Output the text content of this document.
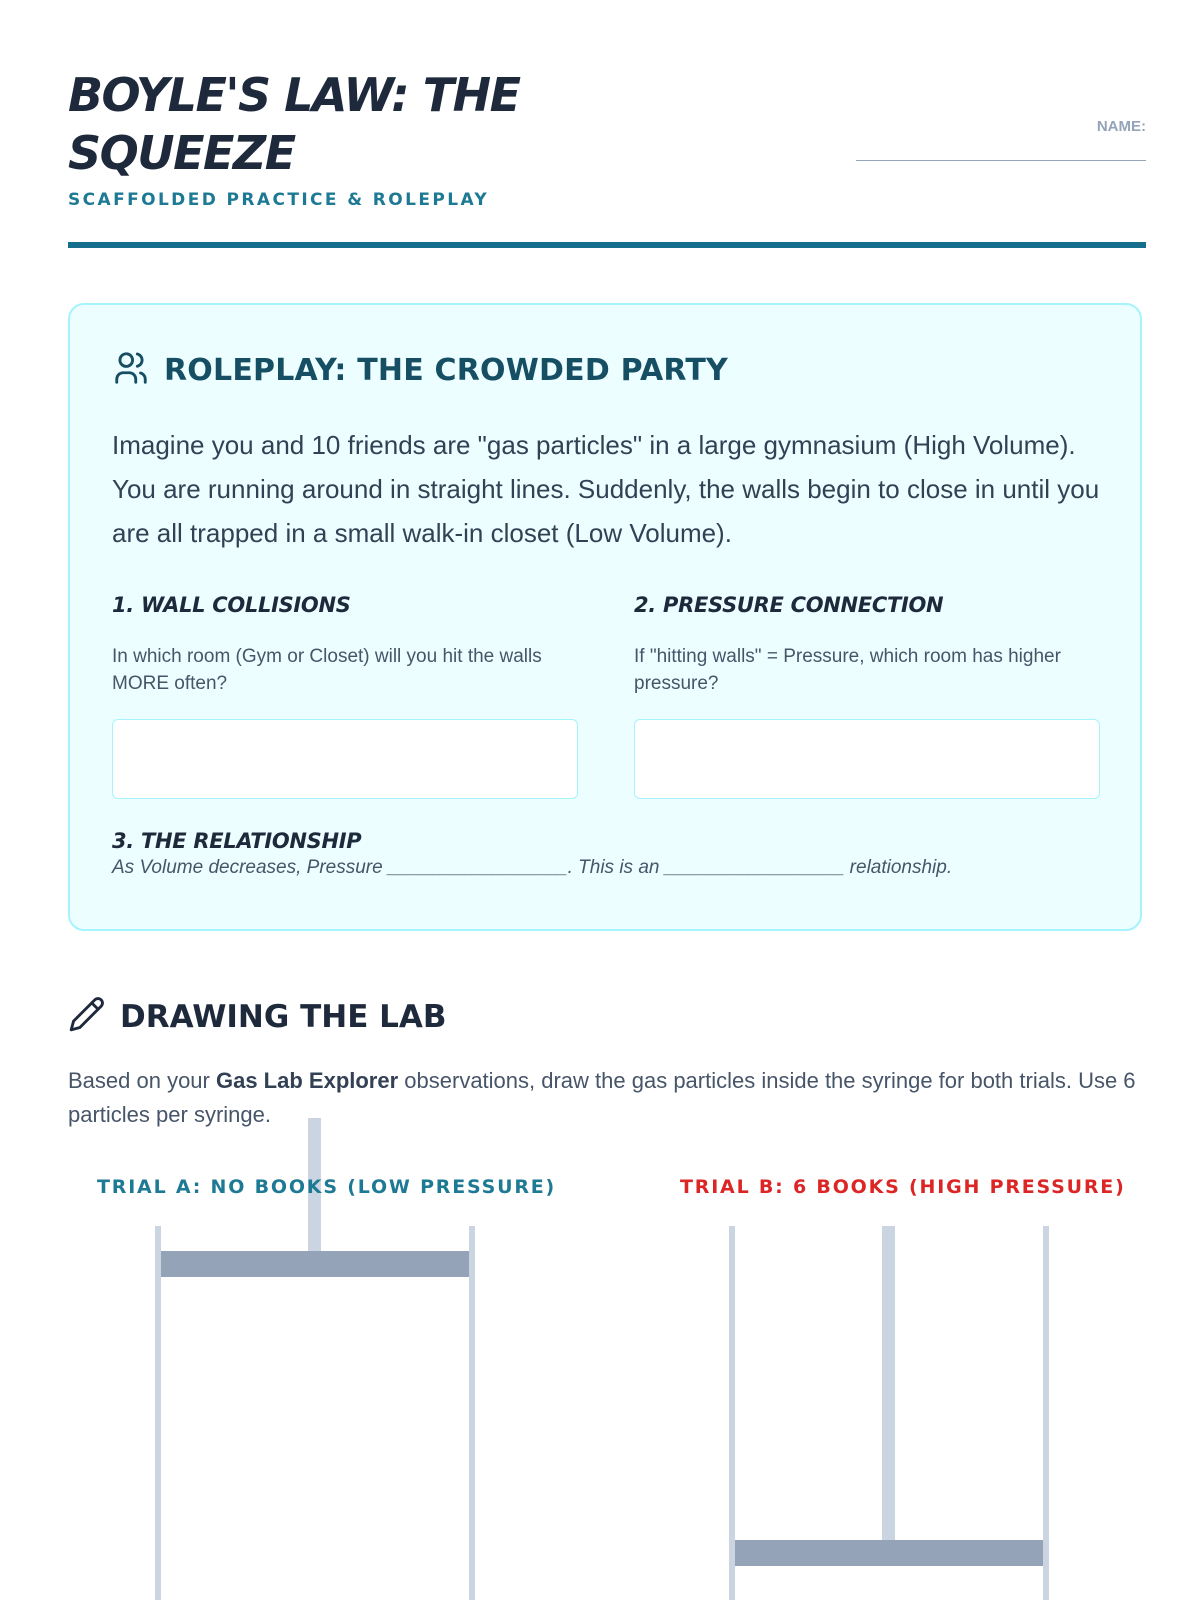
BOYLE'S LAW: THE SQUEEZE
SCAFFOLDED PRACTICE & ROLEPLAY
NAME:
ROLEPLAY: THE CROWDED PARTY

Imagine you and 10 friends are "gas particles" in a large gymnasium (High Volume). You are running around in straight lines. Suddenly, the walls begin to close in until you are all trapped in a small walk-in closet (Low Volume).

1. WALL COLLISIONS

In which room (Gym or Closet) will you hit the walls MORE often?

2. PRESSURE CONNECTION

If "hitting walls" = Pressure, which room has higher pressure?

3. THE RELATIONSHIP

As Volume decreases, Pressure _________________. This is an _________________ relationship.

DRAWING THE LAB

Based on your Gas Lab Explorer observations, draw the gas particles inside the syringe for both trials. Use 6 particles per syringe.

TRIAL A: NO BOOKS (LOW PRESSURE)	TRIAL B: 6 BOOKS (HIGH PRESSURE)
